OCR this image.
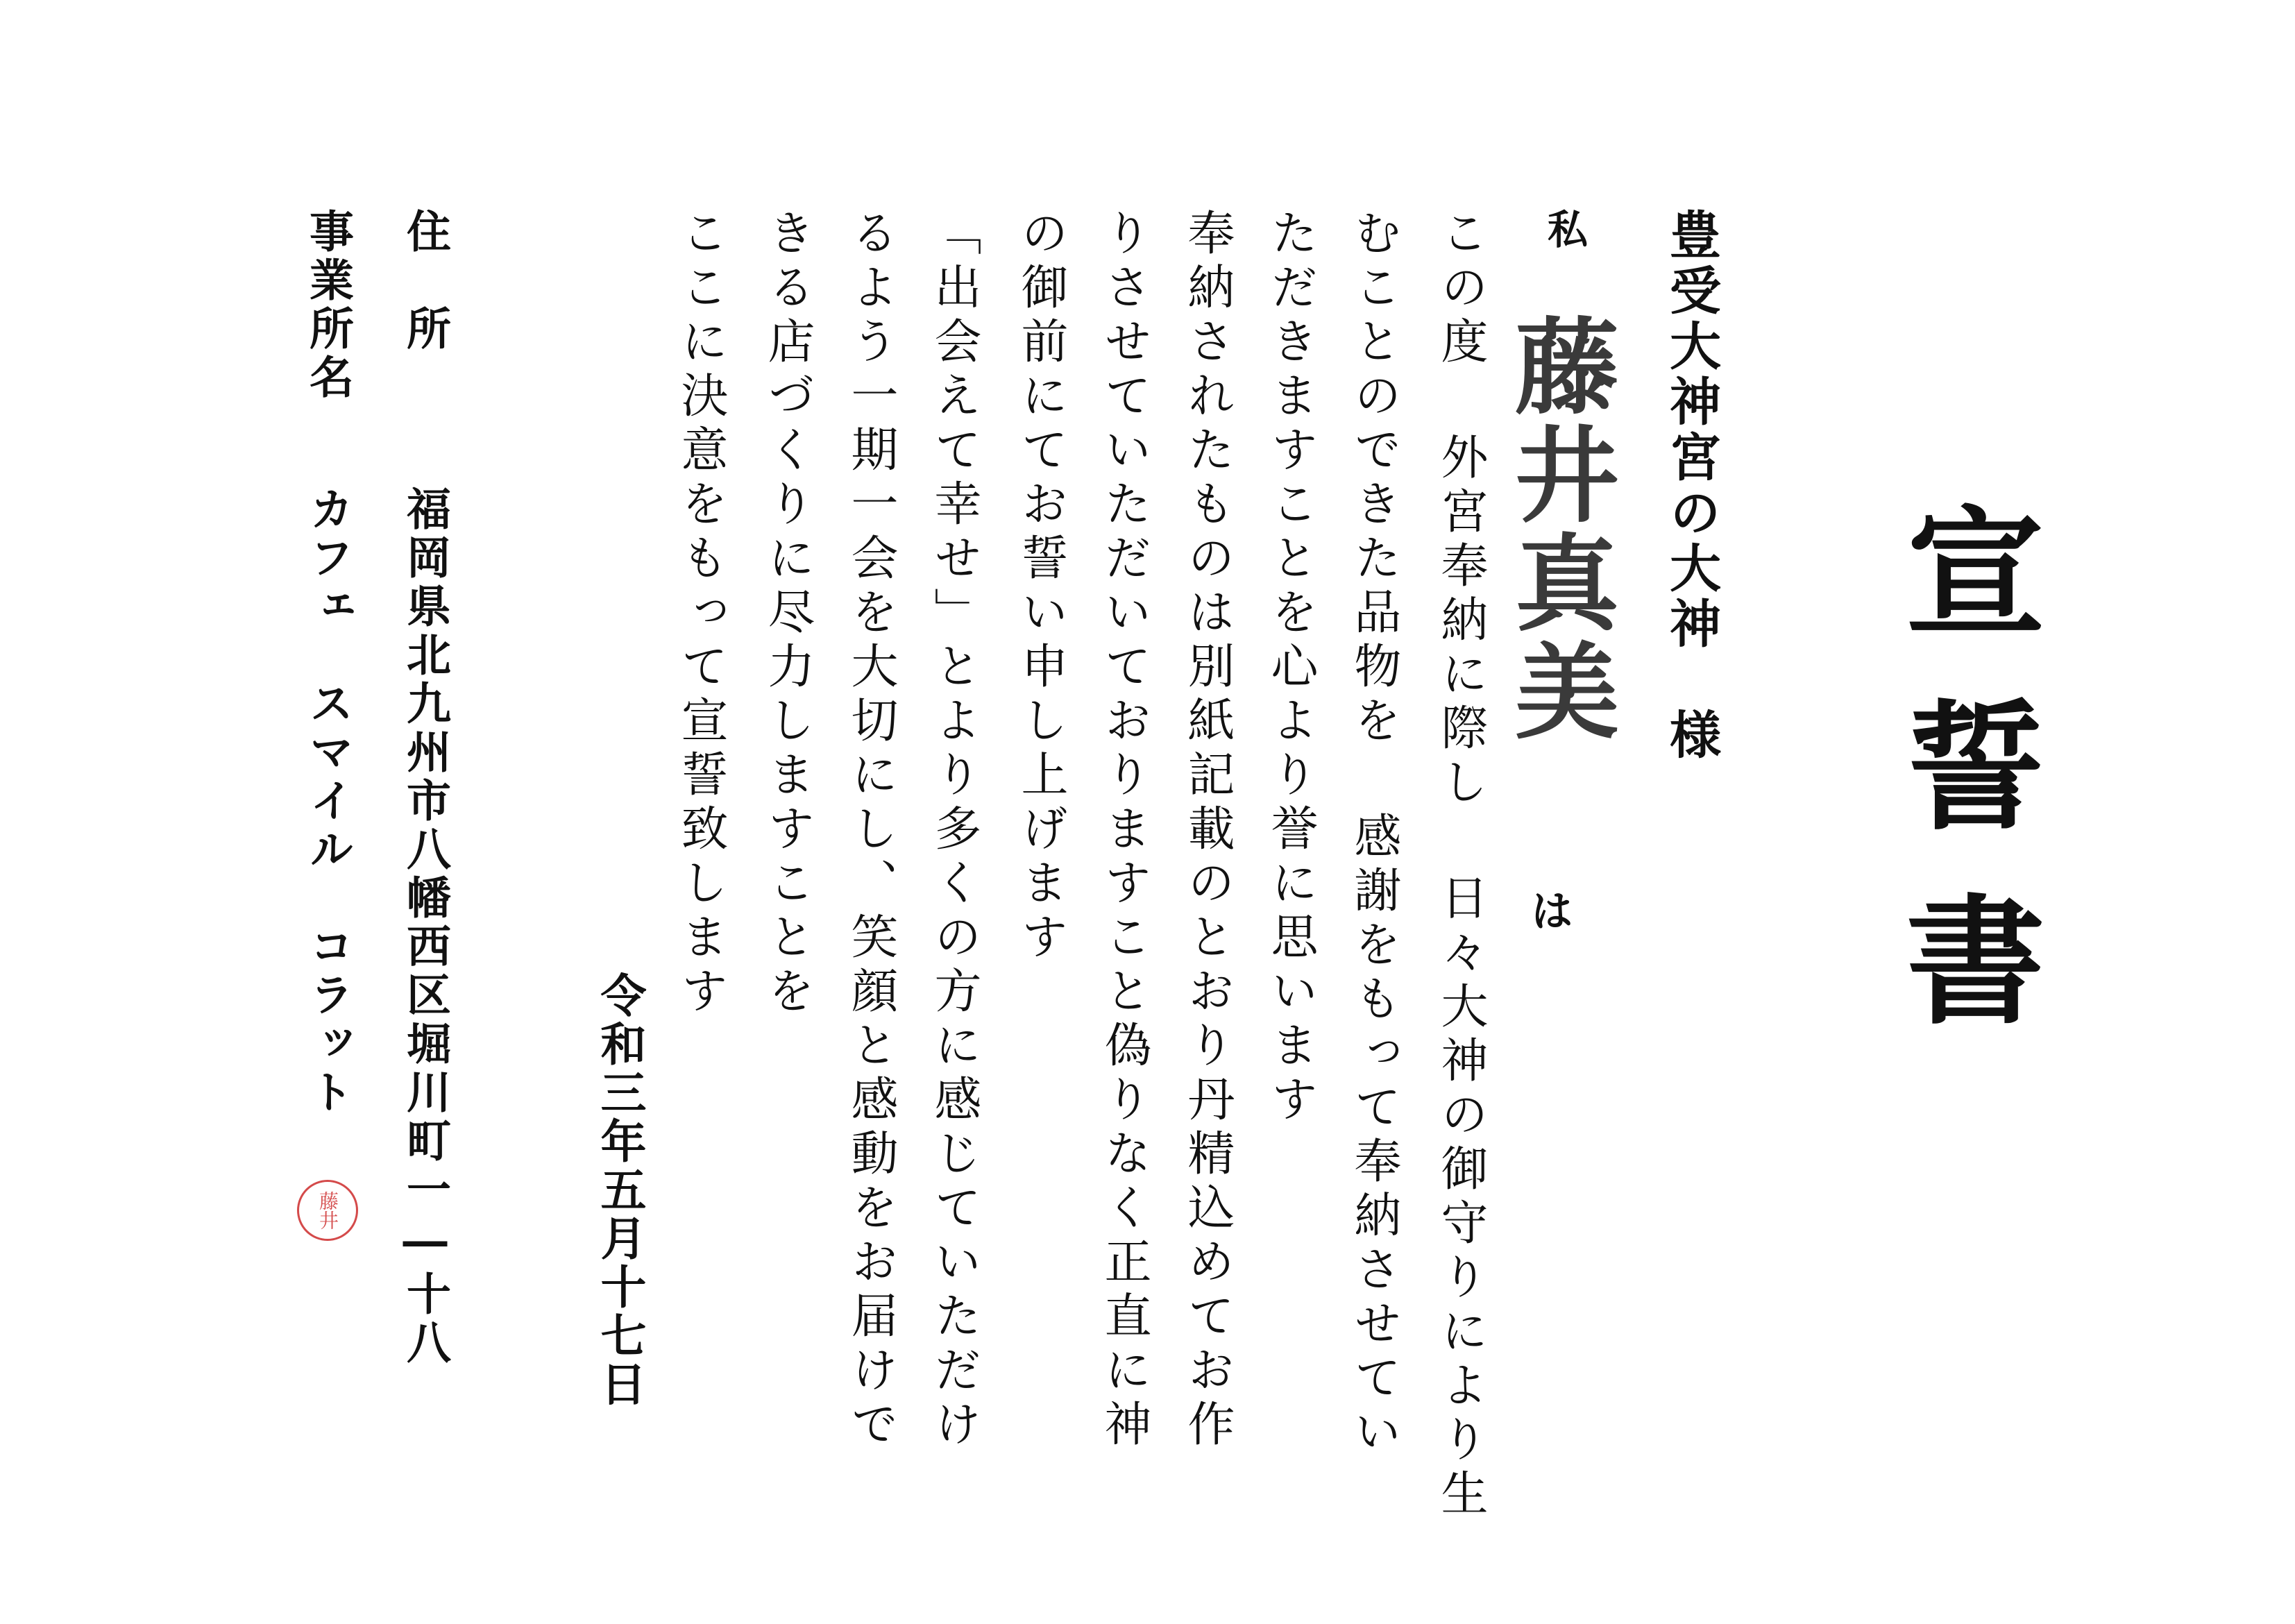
宣誓書
豊受大神宮の大神　様
私
藤井真美
は
この度 外宮奉納に際し 日々大神の御守りにより生
むことのできた品物を 感謝をもって奉納させてい
ただきますことを心より誉に思います
奉納されたものは別紙記載のとおり丹精込めてお作
りさせていただいておりますこと偽りなく正直に神
の御前にてお誓い申し上げます
「出会えて幸せ」とより多くの方に感じていただけ
るよう一期一会を大切にし、笑顔と感動をお届けで
きる店づくりに尽力しますことを
ここに決意をもって宣誓致します
令和三年五月十七日
住　所
福岡県北九州市八幡西区堀川町一―十八
事業所名
カフェ　スマイル　コラット
藤井
